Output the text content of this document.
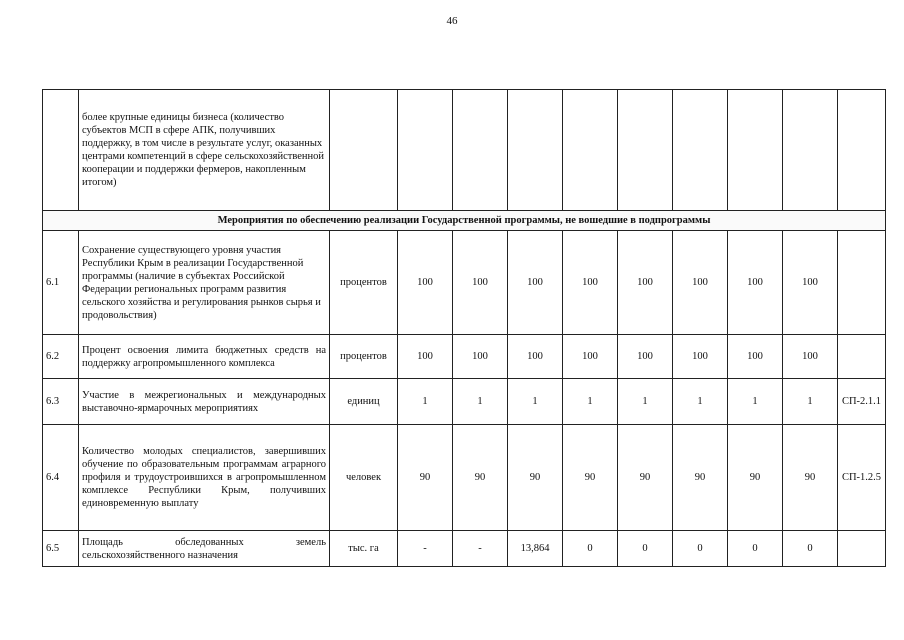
46
	более крупные единицы бизнеса (количество субъектов МСП в сфере АПК, получивших поддержку, в том числе в результате услуг, оказанных центрами компетенций в сфере сельскохозяйственной кооперации и поддержки фермеров, накопленным итогом)										
Мероприятия по обеспечению реализации Государственной программы, не вошедшие в подпрограммы											
6.1	Сохранение существующего уровня участия Республики Крым в реализации Государственной программы (наличие в субъектах Российской Федерации региональных программ развития сельского хозяйства и регулирования рынков сырья и продовольствия)	процентов	100	100	100	100	100	100	100	100	
6.2	Процент освоения лимита бюджетных средств на поддержку агропромышленного комплекса	процентов	100	100	100	100	100	100	100	100	
6.3	Участие в межрегиональных и международных выставочно-ярмарочных мероприятиях	единиц	1	1	1	1	1	1	1	1	СП-2.1.1
6.4	Количество молодых специалистов, завершивших обучение по образовательным программам аграрного профиля и трудоустроившихся в агропромышленном комплексе Республики Крым, получивших единовременную выплату	человек	90	90	90	90	90	90	90	90	СП-1.2.5
6.5	Площадь обследованных земель сельскохозяйственного назначения	тыс. га	-	-	13,864	0	0	0	0	0	
